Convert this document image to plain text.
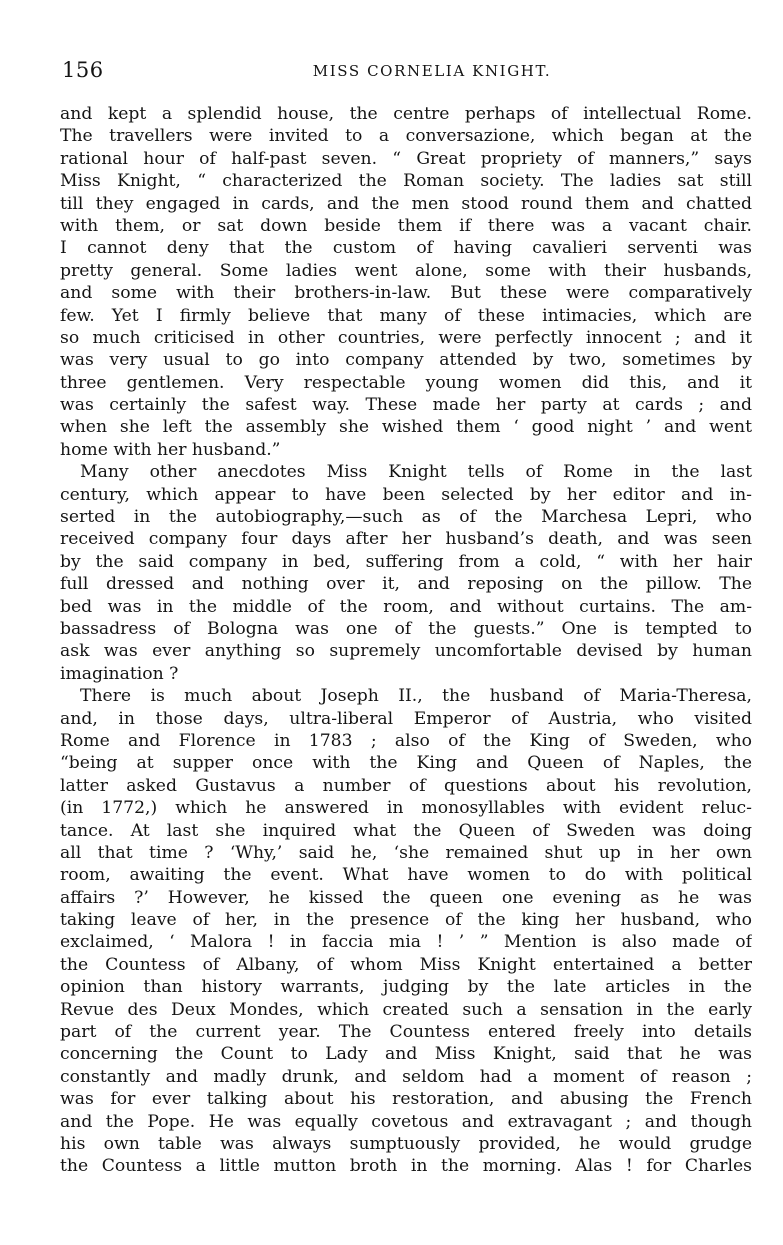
156	MISS CORNELIA KNIGHT.
and kept a splendid house, the centre perhaps of intellectual Rome.
The travellers were invited to a conversazione, which began at the
rational hour of half-past seven. “ Great propriety of manners,” says
Miss Knight, “ characterized the Roman society. The ladies sat still
till they engaged in cards, and the men stood round them and chatted
with them, or sat down beside them if there was a vacant chair.
I cannot deny that the custom of having cavalieri serventi was
pretty general. Some ladies went alone, some with their husbands,
and some with their brothers-in-law. But these were comparatively
few. Yet I firmly believe that many of these intimacies, which are
so much criticised in other countries, were perfectly innocent ; and it
was very usual to go into company attended by two, sometimes by
three gentlemen. Very respectable young women did this, and it
was certainly the safest way. These made her party at cards ; and
when she left the assembly she wished them ‘ good night ’ and went
home with her husband.”
Many other anecdotes Miss Knight tells of Rome in the last
century, which appear to have been selected by her editor and in-
serted in the autobiography,—such as of the Marchesa Lepri, who
received company four days after her husband’s death, and was seen
by the said company in bed, suffering from a cold, “ with her hair
full dressed and nothing over it, and reposing on the pillow. The
bed was in the middle of the room, and without curtains. The am-
bassadress of Bologna was one of the guests.” One is tempted to
ask was ever anything so supremely uncomfortable devised by human
imagination ?
There is much about Joseph II., the husband of Maria-Theresa,
and, in those days, ultra-liberal Emperor of Austria, who visited
Rome and Florence in 1783 ; also of the King of Sweden, who
“being at supper once with the King and Queen of Naples, the
latter asked Gustavus a number of questions about his revolution,
(in 1772,) which he answered in monosyllables with evident reluc-
tance. At last she inquired what the Queen of Sweden was doing
all that time ? ‘Why,’ said he, ‘she remained shut up in her own
room, awaiting the event. What have women to do with political
affairs ?’ However, he kissed the queen one evening as he was
taking leave of her, in the presence of the king her husband, who
exclaimed, ‘ Malora ! in faccia mia ! ’ ” Mention is also made of
the Countess of Albany, of whom Miss Knight entertained a better
opinion than history warrants, judging by the late articles in the
Revue des Deux Mondes, which created such a sensation in the early
part of the current year. The Countess entered freely into details
concerning the Count to Lady and Miss Knight, said that he was
constantly and madly drunk, and seldom had a moment of reason ;
was for ever talking about his restoration, and abusing the French
and the Pope. He was equally covetous and extravagant ; and though
his own table was always sumptuously provided, he would grudge
the Countess a little mutton broth in the morning. Alas ! for Charles
